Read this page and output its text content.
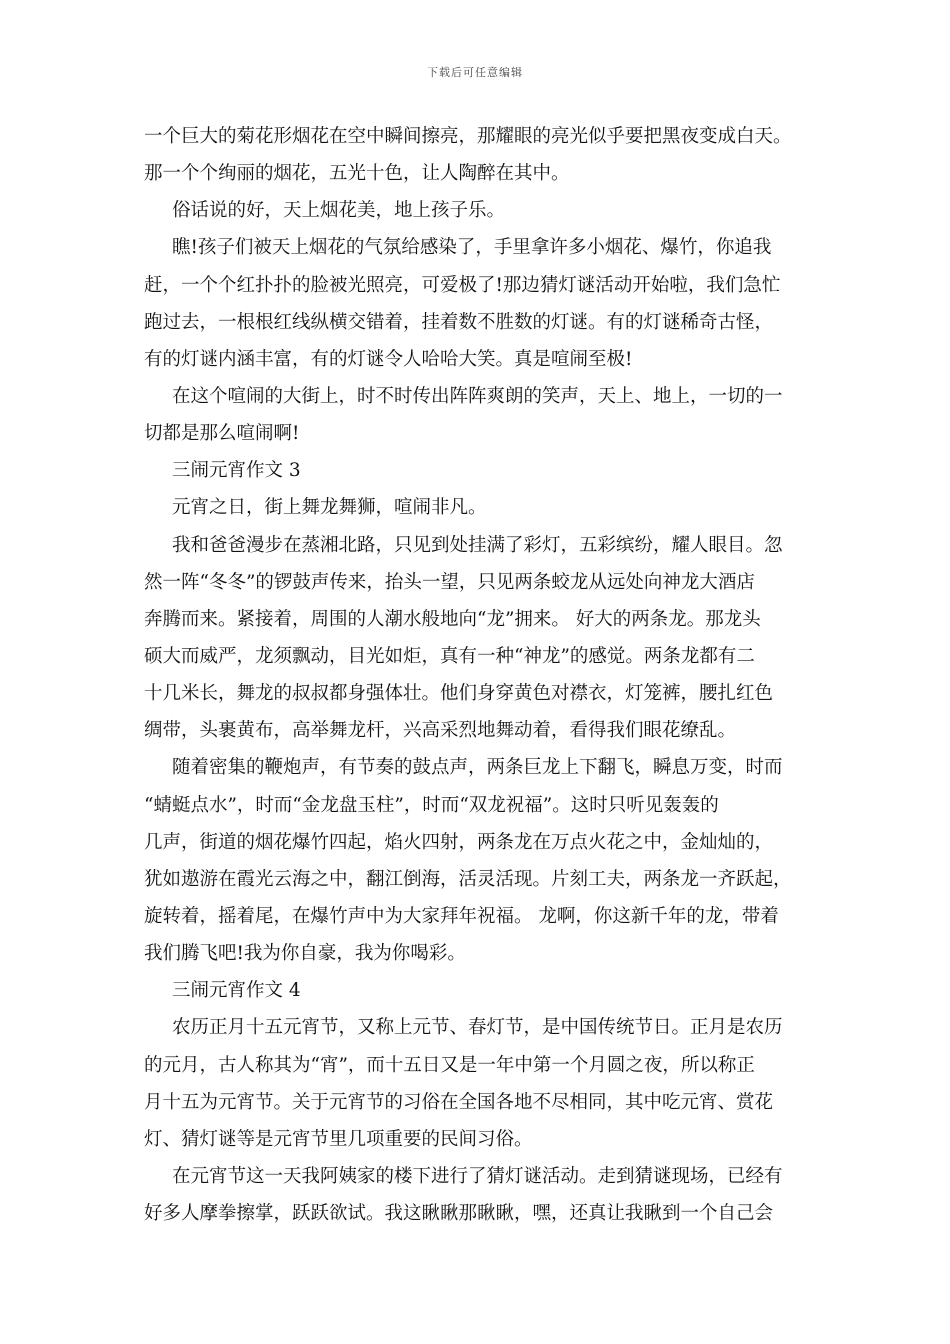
下载后可任意编辑
一个巨大的菊花形烟花在空中瞬间擦亮，那耀眼的亮光似乎要把黑夜变成白天。
那一个个绚丽的烟花，五光十色，让人陶醉在其中。
俗话说的好，天上烟花美，地上孩子乐。
瞧!孩子们被天上烟花的气氛给感染了，手里拿许多小烟花、爆竹，你追我
赶，一个个红扑扑的脸被光照亮，可爱极了!那边猜灯谜活动开始啦，我们急忙
跑过去，一根根红线纵横交错着，挂着数不胜数的灯谜。有的灯谜稀奇古怪，
有的灯谜内涵丰富，有的灯谜令人哈哈大笑。真是喧闹至极!
在这个喧闹的大街上，时不时传出阵阵爽朗的笑声，天上、地上，一切的一
切都是那么喧闹啊!
三闹元宵作文 3
元宵之日，街上舞龙舞狮，喧闹非凡。
我和爸爸漫步在蒸湘北路，只见到处挂满了彩灯，五彩缤纷，耀人眼目。忽
然一阵“冬冬”的锣鼓声传来，抬头一望，只见两条蛟龙从远处向神龙大酒店
奔腾而来。紧接着，周围的人潮水般地向“龙”拥来。 好大的两条龙。那龙头
硕大而威严，龙须飘动，目光如炬，真有一种“神龙”的感觉。两条龙都有二
十几米长，舞龙的叔叔都身强体壮。他们身穿黄色对襟衣，灯笼裤，腰扎红色
绸带，头裹黄布，高举舞龙杆，兴高采烈地舞动着，看得我们眼花缭乱。
随着密集的鞭炮声，有节奏的鼓点声，两条巨龙上下翻飞，瞬息万变，时而
“蜻蜓点水”，时而“金龙盘玉柱”，时而“双龙祝福”。这时只听见轰轰的
几声，街道的烟花爆竹四起，焰火四射，两条龙在万点火花之中，金灿灿的，
犹如遨游在霞光云海之中，翻江倒海，活灵活现。片刻工夫，两条龙一齐跃起，
旋转着，摇着尾，在爆竹声中为大家拜年祝福。 龙啊，你这新千年的龙，带着
我们腾飞吧!我为你自豪，我为你喝彩。
三闹元宵作文 4
农历正月十五元宵节，又称上元节、春灯节，是中国传统节日。正月是农历
的元月，古人称其为“宵”，而十五日又是一年中第一个月圆之夜，所以称正
月十五为元宵节。关于元宵节的习俗在全国各地不尽相同，其中吃元宵、赏花
灯、猜灯谜等是元宵节里几项重要的民间习俗。
在元宵节这一天我阿姨家的楼下进行了猜灯谜活动。走到猜谜现场，已经有
好多人摩拳擦掌，跃跃欲试。我这瞅瞅那瞅瞅，嘿，还真让我瞅到一个自己会
